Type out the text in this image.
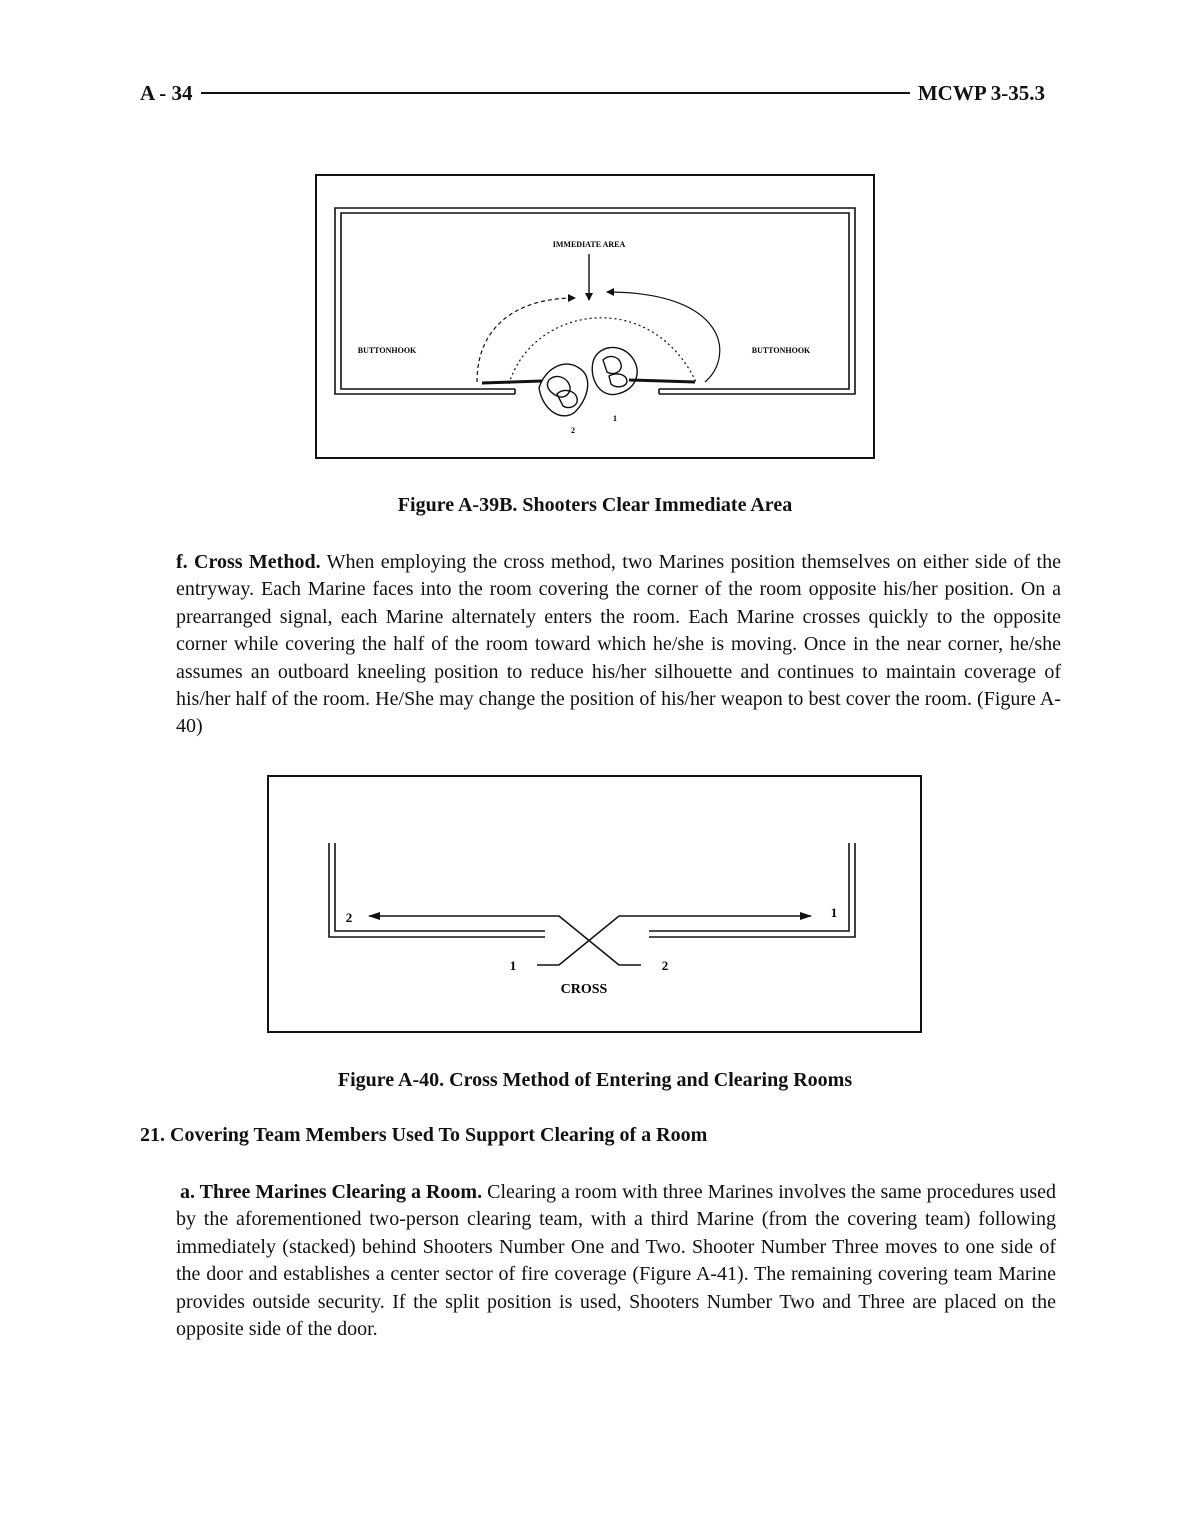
A - 34	MCWP 3-35.3
IMMEDIATE AREA
BUTTONHOOK	BUTTONHOOK
2
1
Figure A-39B. Shooters Clear Immediate Area

f. Cross Method. When employing the cross method, two Marines position themselves on either side of the entryway. Each Marine faces into the room covering the corner of the room opposite his/her position. On a prearranged signal, each Marine alternately enters the room. Each Marine crosses quickly to the opposite corner while covering the half of the room toward which he/she is moving. Once in the near corner, he/she assumes an outboard kneeling position to reduce his/her silhouette and continues to maintain coverage of his/her half of the room. He/She may change the position of his/her weapon to best cover the room. (Figure A-40)

2	1
1	2
CROSS
Figure A-40. Cross Method of Entering and Clearing Rooms
21. Covering Team Members Used To Support Clearing of a Room

a. Three Marines Clearing a Room. Clearing a room with three Marines involves the same procedures used by the aforementioned two-person clearing team, with a third Marine (from the covering team) following immediately (stacked) behind Shooters Number One and Two. Shooter Number Three moves to one side of the door and establishes a center sector of fire coverage (Figure A-41). The remaining covering team Marine provides outside security. If the split position is used, Shooters Number Two and Three are placed on the opposite side of the door.
